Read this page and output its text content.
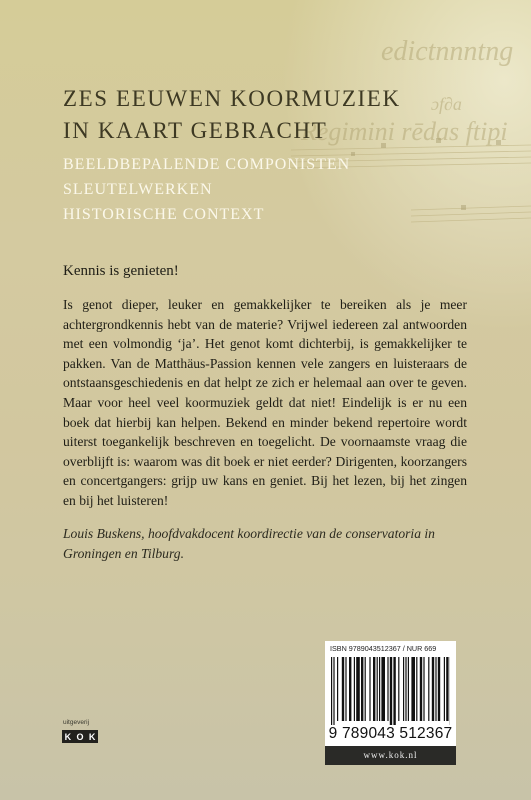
Regimini rēdas ftipi
edictnnntng
ɔf∂a
ZES EEUWEN KOORMUZIEK
IN KAART GEBRACHT
BEELDBEPALENDE COMPONISTEN
SLEUTELWERKEN
HISTORISCHE CONTEXT
Kennis is genieten!
Is genot dieper, leuker en gemakkelijker te bereiken als je meer achtergrondkennis hebt van de materie? Vrijwel iedereen zal antwoorden met een volmondig ‘ja’. Het genot komt dichterbij, is gemakkelijker te pakken. Van de Matthäus-Passion kennen vele zangers en luisteraars de ontstaansgeschiedenis en dat helpt ze zich er helemaal aan over te geven. Maar voor heel veel koormuziek geldt dat niet! Eindelijk is er nu een boek dat hierbij kan helpen. Bekend en minder bekend repertoire wordt uiterst toegankelijk beschreven en toegelicht. De voornaamste vraag die overblijft is: waarom was dit boek er niet eerder? Dirigenten, koorzangers en concertgangers: grijp uw kans en geniet. Bij het lezen, bij het zingen en bij het luisteren!
Louis Buskens, hoofdvakdocent koordirectie van de conservatoria in Groningen en Tilburg.
uitgeverij
K O K
ISBN 9789043512367 / NUR 669
9 789043 512367
www.kok.nl
